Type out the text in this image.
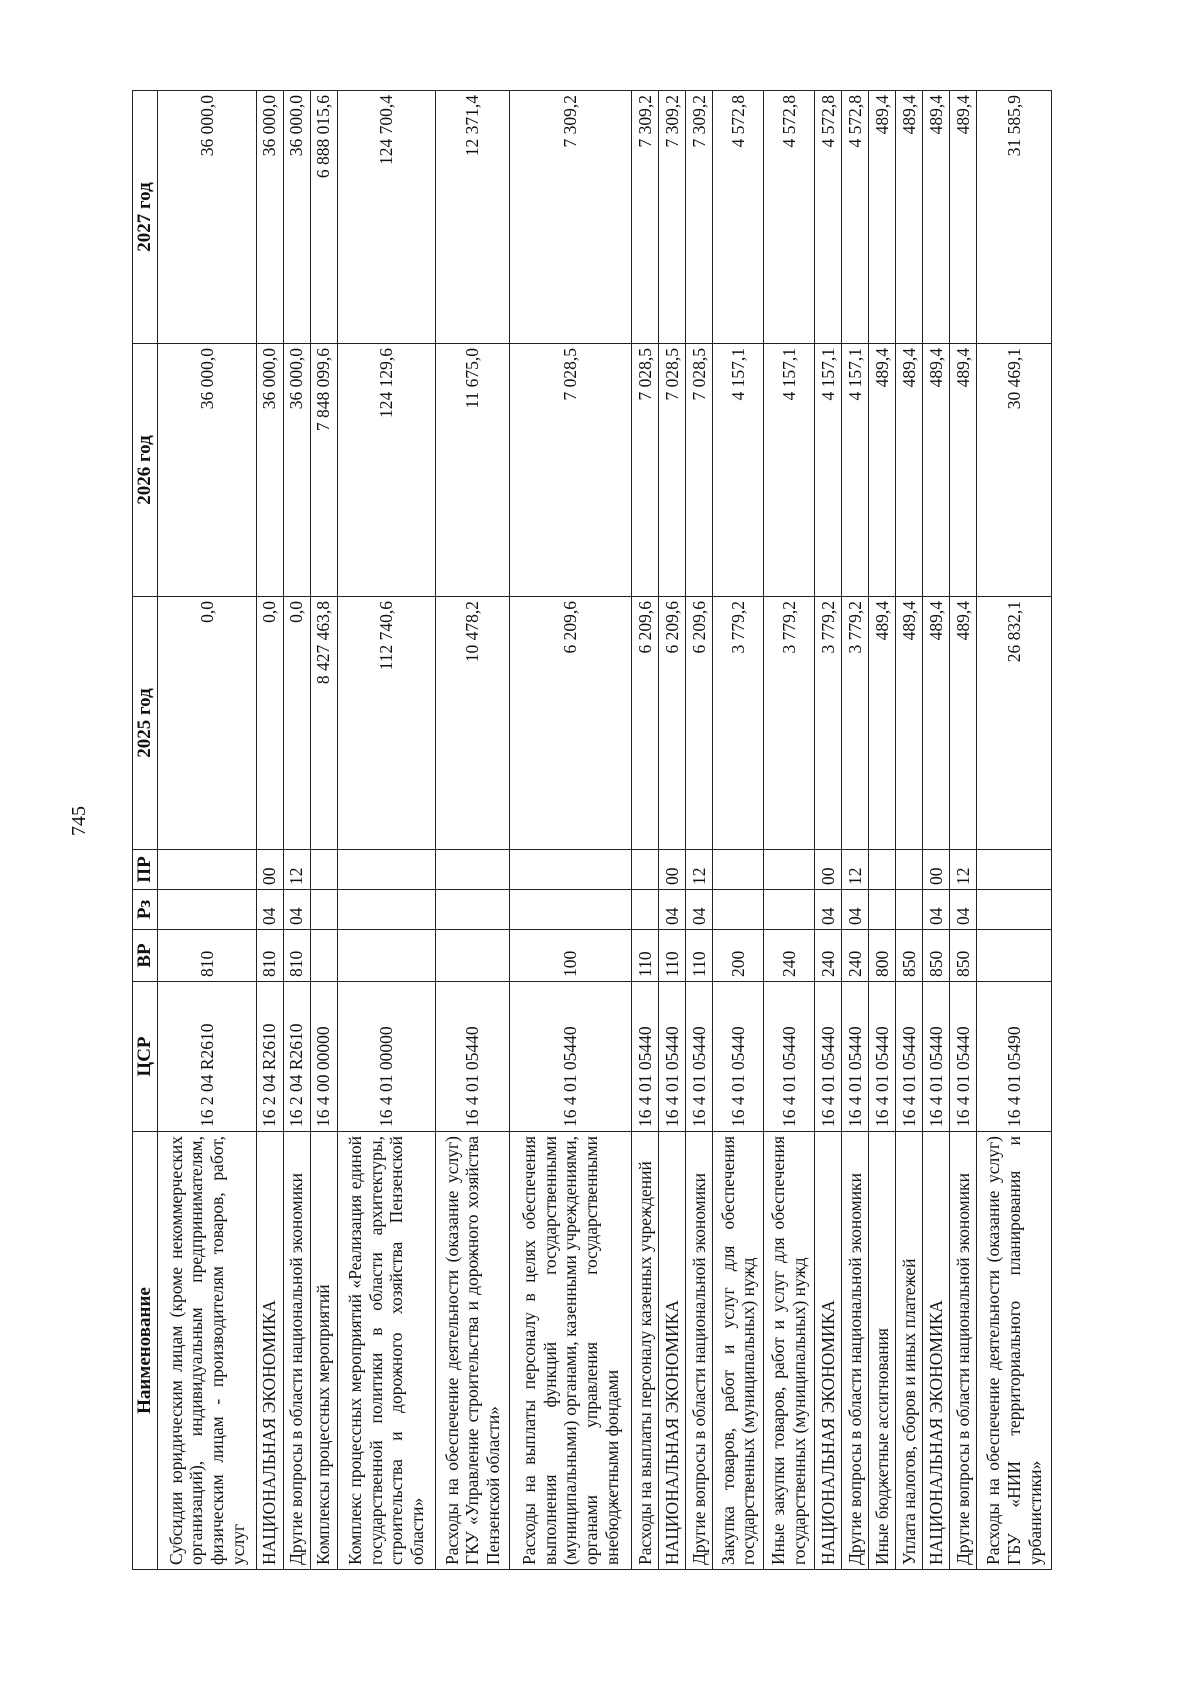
745
Наименование	ЦСР	ВР	Рз	ПР	2025 год	2026 год	2027 год
Субсидии юридическим лицам (кроме некоммерческих организаций), индивидуальным предпринимателям, физическим лицам - производителям товаров, работ, услуг	16 2 04 R2610	810			0,0	36 000,0	36 000,0
НАЦИОНАЛЬНАЯ ЭКОНОМИКА	16 2 04 R2610	810	04	00	0,0	36 000,0	36 000,0
Другие вопросы в области национальной экономики	16 2 04 R2610	810	04	12	0,0	36 000,0	36 000,0
Комплексы процессных мероприятий	16 4 00 00000				8 427 463,8	7 848 099,6	6 888 015,6
Комплекс процессных мероприятий «Реализация единой государственной политики в области архитектуры, строительства и дорожного хозяйства Пензенской области»	16 4 01 00000				112 740,6	124 129,6	124 700,4
Расходы на обеспечение деятельности (оказание услуг) ГКУ «Управление строительства и дорожного хозяйства Пензенской области»	16 4 01 05440				10 478,2	11 675,0	12 371,4
Расходы на выплаты персоналу в целях обеспечения выполнения функций государственными (муниципальными) органами, казенными учреждениями, органами управления государственными внебюджетными фондами	16 4 01 05440	100			6 209,6	7 028,5	7 309,2
Расходы на выплаты персоналу казенных учреждений	16 4 01 05440	110			6 209,6	7 028,5	7 309,2
НАЦИОНАЛЬНАЯ ЭКОНОМИКА	16 4 01 05440	110	04	00	6 209,6	7 028,5	7 309,2
Другие вопросы в области национальной экономики	16 4 01 05440	110	04	12	6 209,6	7 028,5	7 309,2
Закупка товаров, работ и услуг для обеспечения государственных (муниципальных) нужд	16 4 01 05440	200			3 779,2	4 157,1	4 572,8
Иные закупки товаров, работ и услуг для обеспечения государственных (муниципальных) нужд	16 4 01 05440	240			3 779,2	4 157,1	4 572,8
НАЦИОНАЛЬНАЯ ЭКОНОМИКА	16 4 01 05440	240	04	00	3 779,2	4 157,1	4 572,8
Другие вопросы в области национальной экономики	16 4 01 05440	240	04	12	3 779,2	4 157,1	4 572,8
Иные бюджетные ассигнования	16 4 01 05440	800			489,4	489,4	489,4
Уплата налогов, сборов и иных платежей	16 4 01 05440	850			489,4	489,4	489,4
НАЦИОНАЛЬНАЯ ЭКОНОМИКА	16 4 01 05440	850	04	00	489,4	489,4	489,4
Другие вопросы в области национальной экономики	16 4 01 05440	850	04	12	489,4	489,4	489,4
Расходы на обеспечение деятельности (оказание услуг) ГБУ «НИИ территориального планирования и урбанистики»	16 4 01 05490				26 832,1	30 469,1	31 585,9
